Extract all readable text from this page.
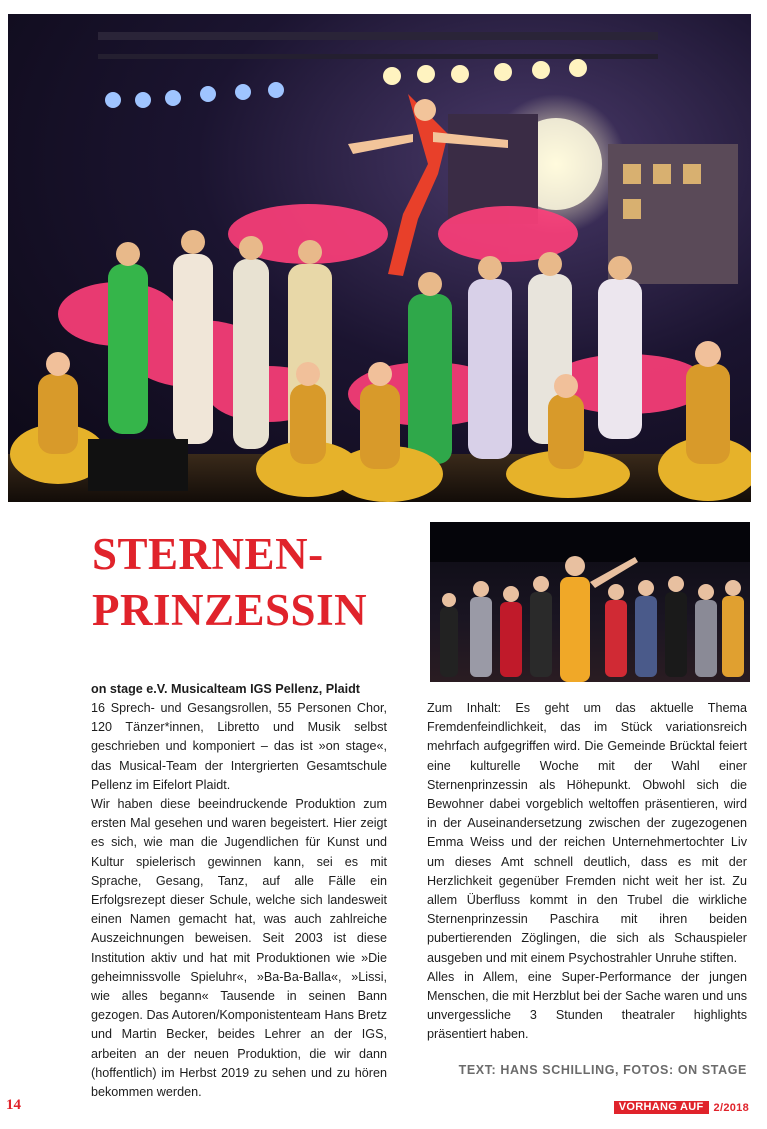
STERNEN-
PRINZESSIN

on stage e.V. Musicalteam IGS Pellenz, Plaidt

16 Sprech- und Gesangsrollen, 55 Personen Chor, 120 Tänzer*innen, Libretto und Musik selbst geschrieben und komponiert – das ist »on stage«, das Musical-Team der Intergrierten Gesamtschule Pellenz im Eifelort Plaidt.

Wir haben diese beeindruckende Produktion zum ersten Mal gesehen und waren begeistert. Hier zeigt es sich, wie man die Jugendlichen für Kunst und Kultur spielerisch gewinnen kann, sei es mit Sprache, Gesang, Tanz, auf alle Fälle ein Erfolgsrezept dieser Schule, welche sich landesweit einen Namen gemacht hat, was auch zahlreiche Auszeichnungen beweisen. Seit 2003 ist diese Institution aktiv und hat mit Produktionen wie »Die geheimnissvolle Spieluhr«, »Ba-Ba-Balla«, »Lissi, wie alles begann« Tausende in seinen Bann gezogen. Das Autoren/Komponistenteam Hans Bretz und Martin Becker, beides Lehrer an der IGS, arbeiten an der neuen Produktion, die wir dann (hoffentlich) im Herbst 2019 zu sehen und zu hören bekommen werden.

Zum Inhalt: Es geht um das aktuelle Thema Fremdenfeindlichkeit, das im Stück variationsreich mehrfach aufgegriffen wird. Die Gemeinde Brücktal feiert eine kulturelle Woche mit der Wahl einer Sternenprinzessin als Höhepunkt. Obwohl sich die Bewohner dabei vorgeblich weltoffen präsentieren, wird in der Auseinandersetzung zwischen der zugezogenen Emma Weiss und der reichen Unternehmertochter Liv um dieses Amt schnell deutlich, dass es mit der Herzlichkeit gegenüber Fremden nicht weit her ist. Zu allem Überfluss kommt in den Trubel die wirkliche Sternenprinzessin Paschira mit ihren beiden pubertierenden Zöglingen, die sich als Schauspieler ausgeben und mit einem Psychostrahler Unruhe stiften.

Alles in Allem, eine Super-Performance der jungen Menschen, die mit Herzblut bei der Sache waren und uns unvergessliche 3 Stunden theatraler highlights präsentiert haben.

TEXT: HANS SCHILLING, FOTOS: ON STAGE
14	VORHANG AUF 2/2018
